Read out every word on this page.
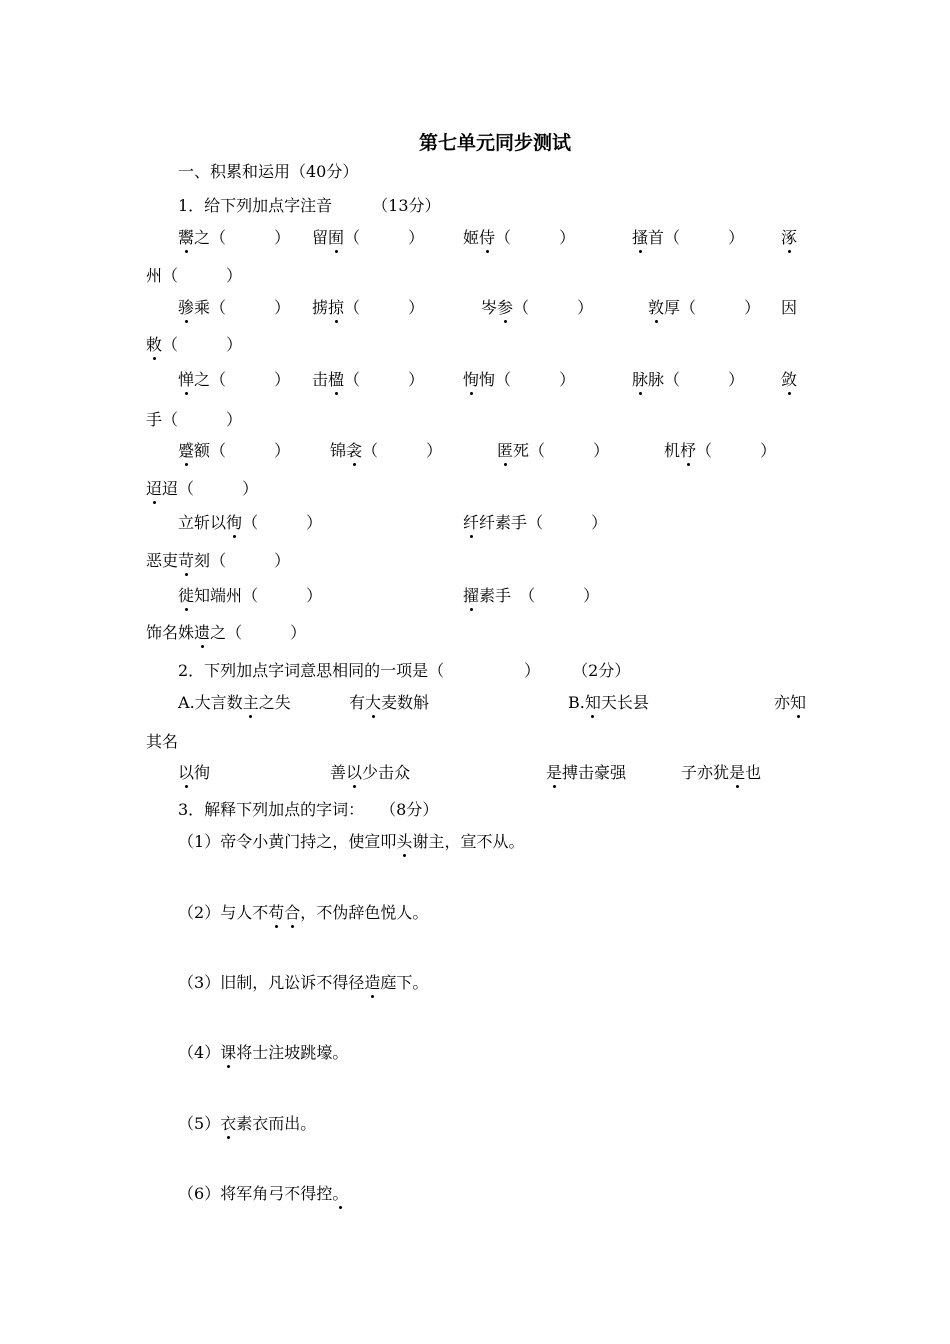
第七单元同步测试
一、积累和运用（40分）
1．给下列加点字注音　　　（13分）
鬻之（　　　	） 留囿（　　　	） 姬侍（　　　	）	搔首（　　　	） 涿
州（　　　）
骖乘（　　　	） 掳掠（　　　	）	岑参（　　　	）	敦厚（　　　	） 因
敕（　　　	）
惮之（　　　	） 击楹（　　　	） 恂恂（　　　	）	脉脉（　　　	） 敛
手（　　　）
蹙额（　　　	） 锦衾（　　　	）	匿死（　　　	）	机杼（　　　	）
迢迢（　　　	）
立斩以徇（　　　	）	纤纤素手（　　　	）
恶吏苛刻（　　　	）
徙知端州（　　　	）	擢素手　 （　　　	）
饰名姝遗之（　　　	）
2．下列加点字词意思相同的一项是（　　　　　）　　　（2分）
A.大言数主之失	有大麦数斛	B.知天长县	亦知
其名
以徇	善以少击众	是搏击豪强	子亦犹是也
3．解释下列加点的字词：　　（8分）
（1）帝令小黄门持之，使宣叩头谢主，宣不从。
（2）与人不苟合，不伪辞色悦人。
（3）旧制，凡讼诉不得径造庭下。
（4）课将士注坡跳壕。
（5）衣素衣而出。
（6）将军角弓不得控。
